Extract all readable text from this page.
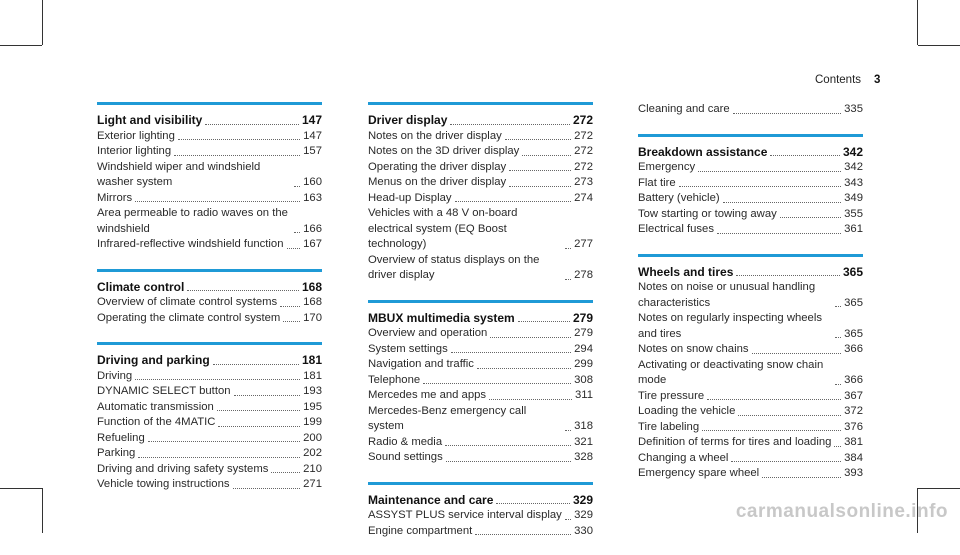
Contents 3
Light and visibility	147
Exterior lighting	147
Interior lighting	157
Windshield wiper and windshield washer system	160
Mirrors	163
Area permeable to radio waves on the windshield	166
Infrared-reflective windshield function 167
Climate control	168
Overview of climate control systems 168
Operating the climate control system 170
Driving and parking	181
Driving	181
DYNAMIC SELECT button	193
Automatic transmission	195
Function of the 4MATIC	199
Refueling	200
Parking	202
Driving and driving safety systems	210
Vehicle towing instructions	271
Driver display	272
Notes on the driver display	272
Notes on the 3D driver display	272
Operating the driver display	272
Menus on the driver display	273
Head-up Display	274
Vehicles with a 48 V on-board electrical system (EQ Boost technology)	277
Overview of status displays on the driver display	278
MBUX multimedia system	279
Overview and operation	279
System settings	294
Navigation and traffic	299
Telephone	308
Mercedes me and apps	311
Mercedes-Benz emergency call system	318
Radio & media	321
Sound settings	328
Maintenance and care	329
ASSYST PLUS service interval display 329
Engine compartment	330
Cleaning and care	335
Breakdown assistance	342
Emergency	342
Flat tire	343
Battery (vehicle)	349
Tow starting or towing away	355
Electrical fuses	361
Wheels and tires	365
Notes on noise or unusual handling characteristics	365
Notes on regularly inspecting wheels and tires	365
Notes on snow chains	366
Activating or deactivating snow chain mode	366
Tire pressure	367
Loading the vehicle	372
Tire labeling	376
Definition of terms for tires and loading 381
Changing a wheel	384
Emergency spare wheel	393
carmanualsonline.info
